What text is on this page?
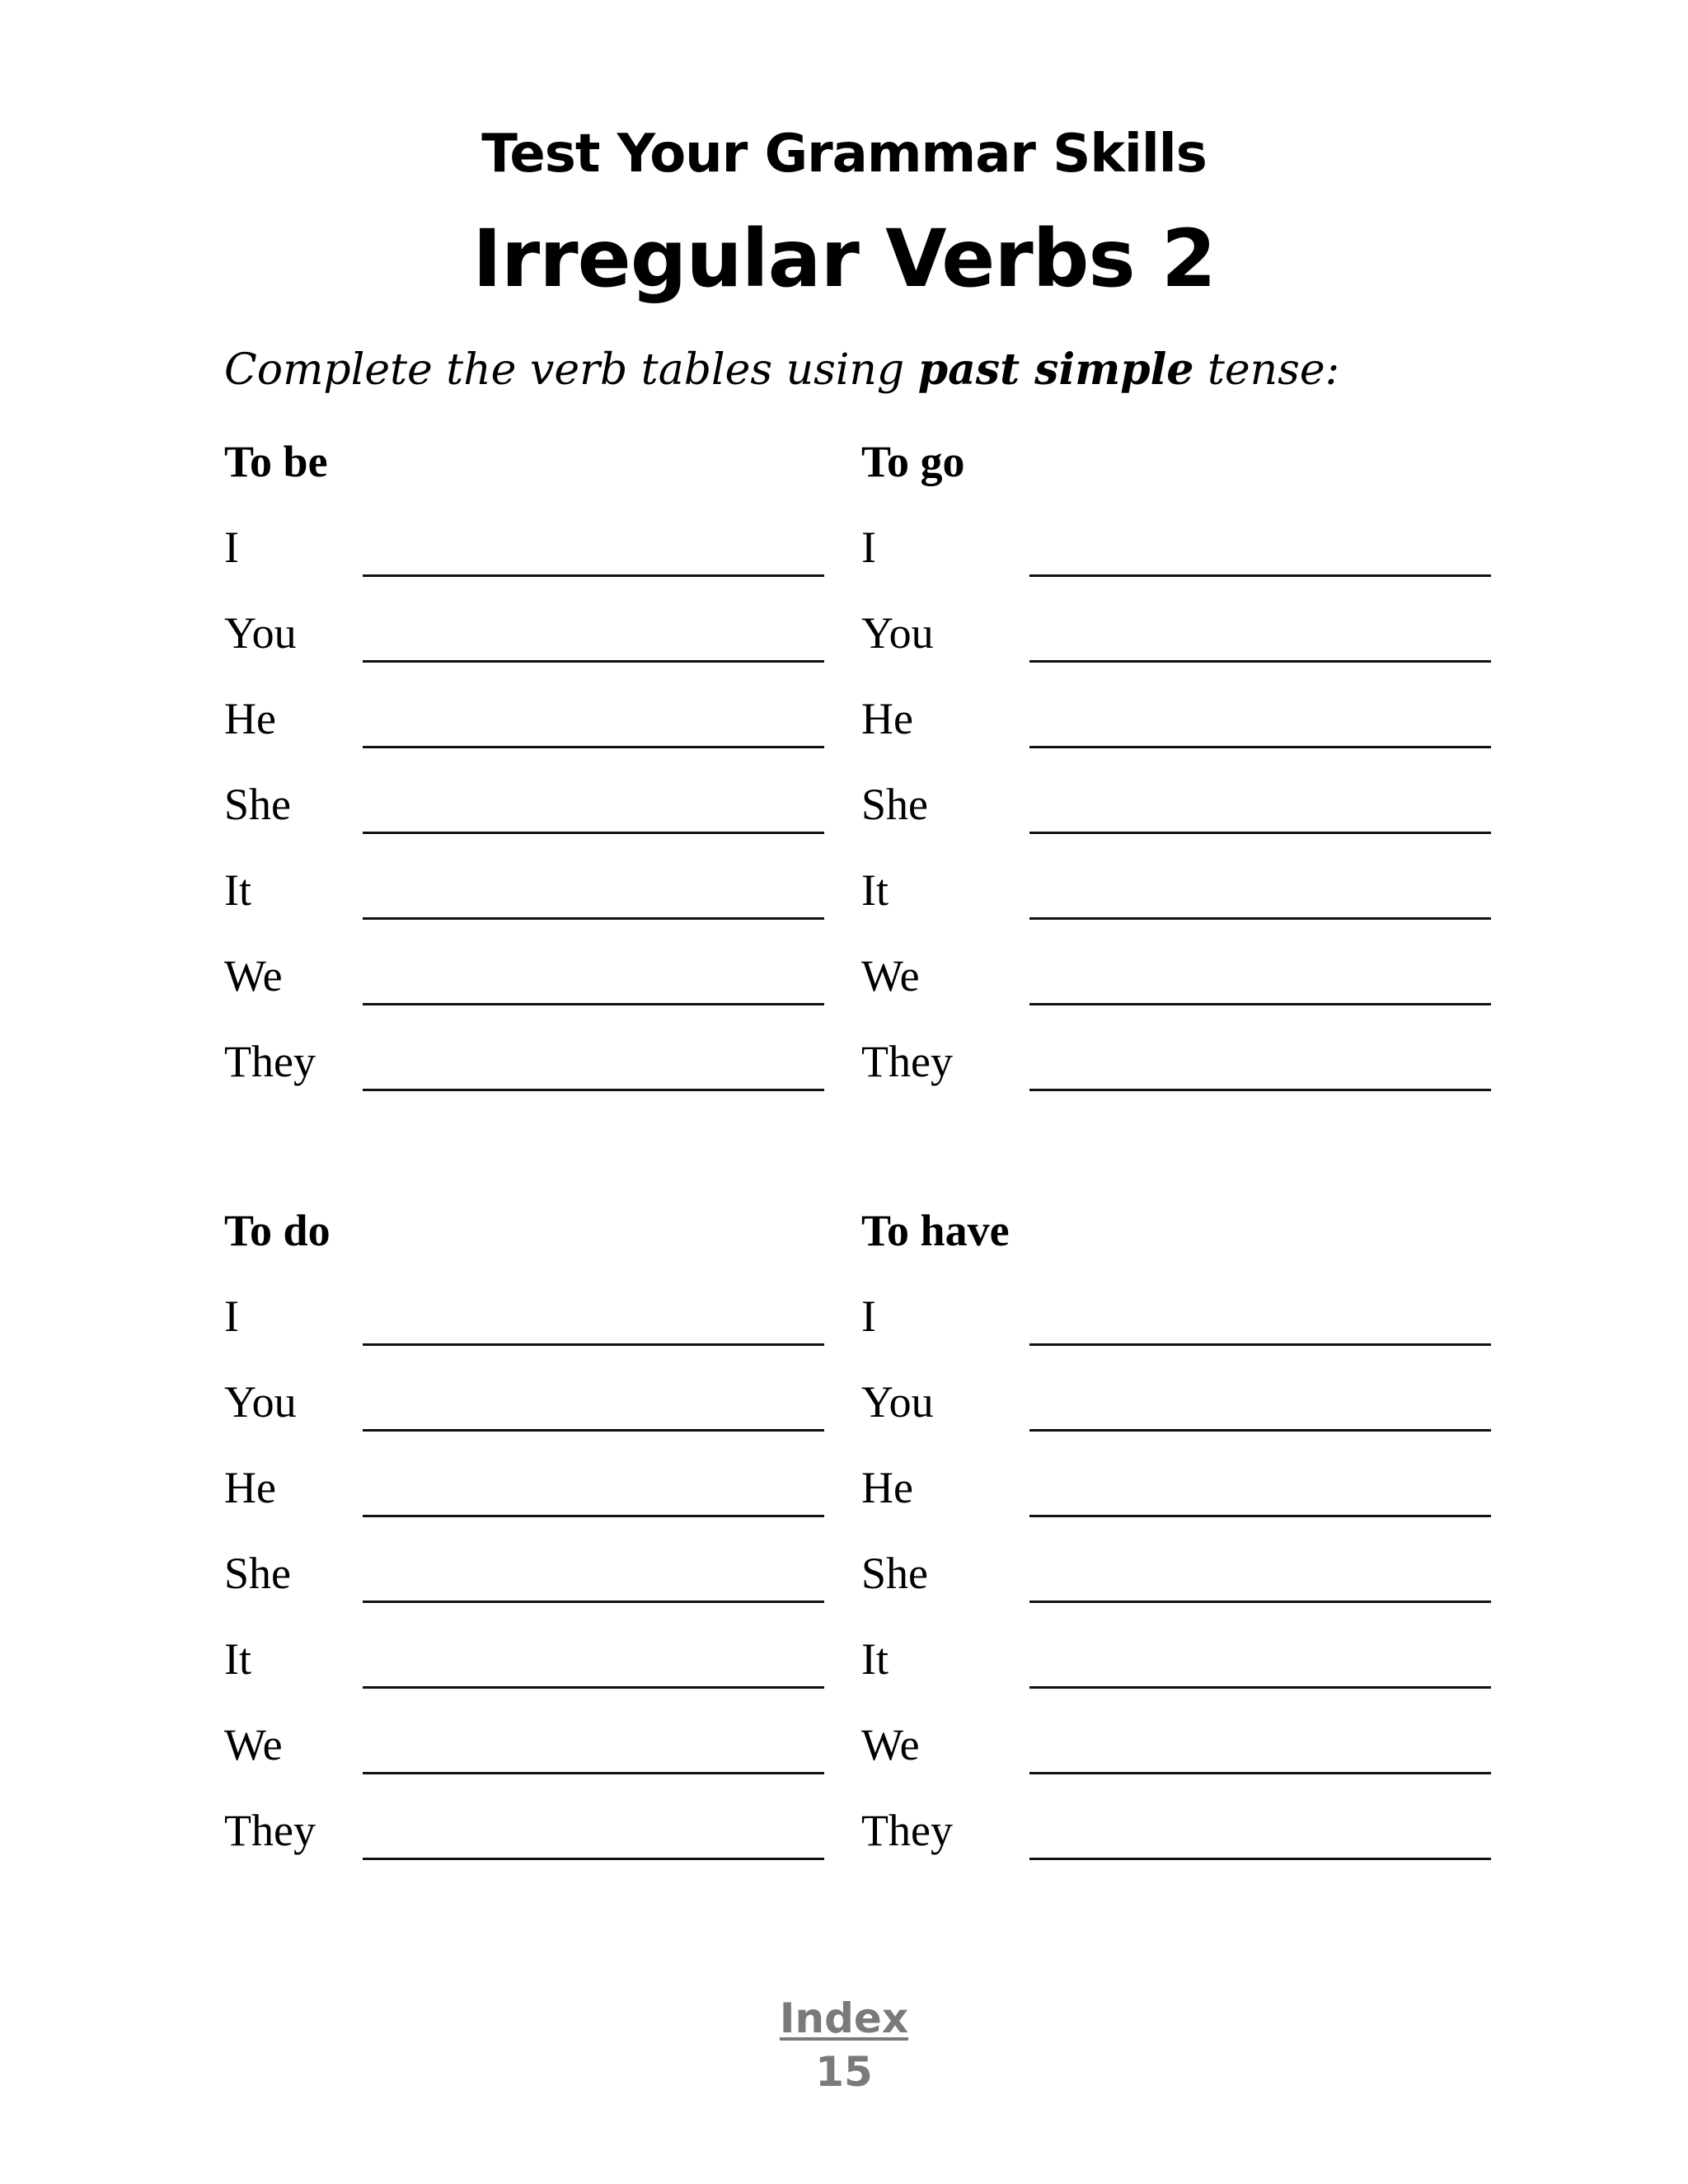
Test Your Grammar Skills
Irregular Verbs 2
Complete the verb tables using past simple tense:
To be
I
You
He
She
It
We
They
To go
I
You
He
She
It
We
They
To do
I
You
He
She
It
We
They
To have
I
You
He
She
It
We
They
Index
15
